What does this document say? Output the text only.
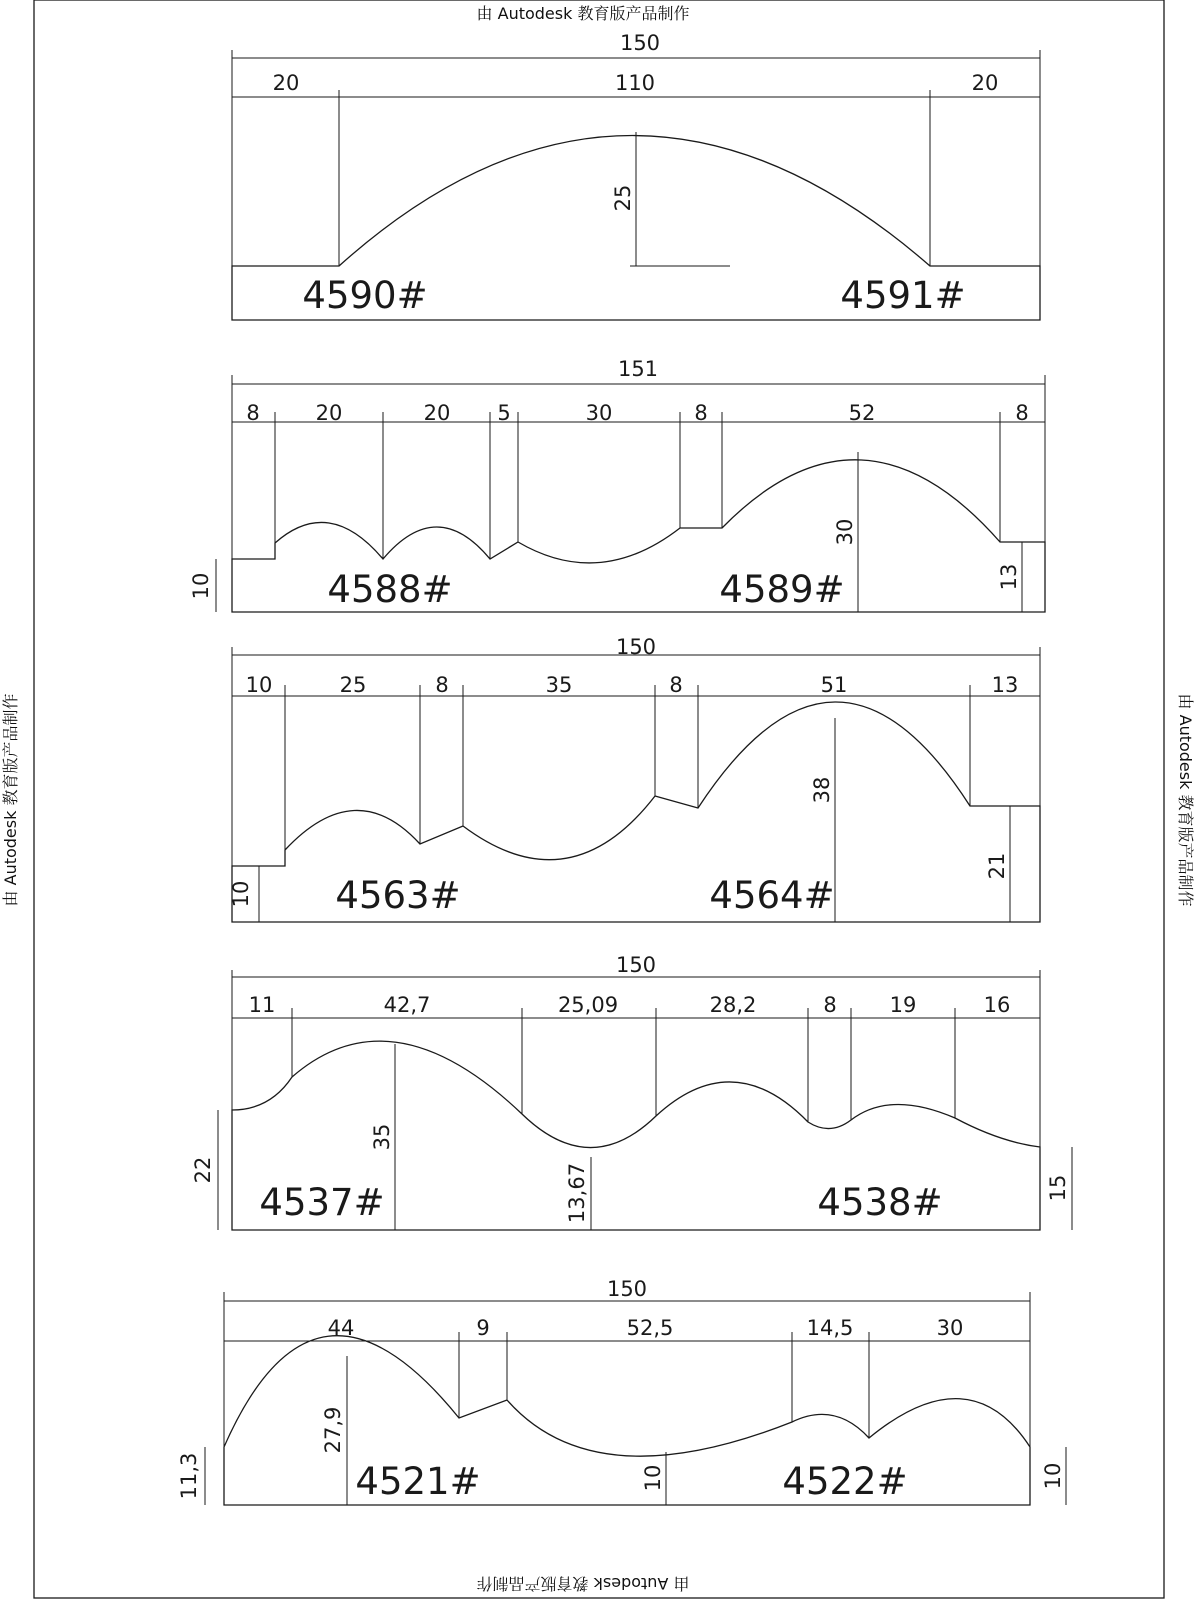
由 Autodesk 教育版产品制作
由 Autodesk 教育版产品制作
由 Autodesk 教育版产品制作	由 Autodesk 教育版产品制作
150
20	110	20
25
4590#	4591#
151
8	20	20 5	30	8	52	8
10
30
13
4588#	4589#
150
10	25	8	35	8	51	13
10
38
21
4563#	4564#
150
11	42,7	25,09	28,2	8	19	16
22
35
13,67	15
4537#	4538#
150
44	9	52,5	14,5	30
11,3
27,9
10	10
4521#	4522#
